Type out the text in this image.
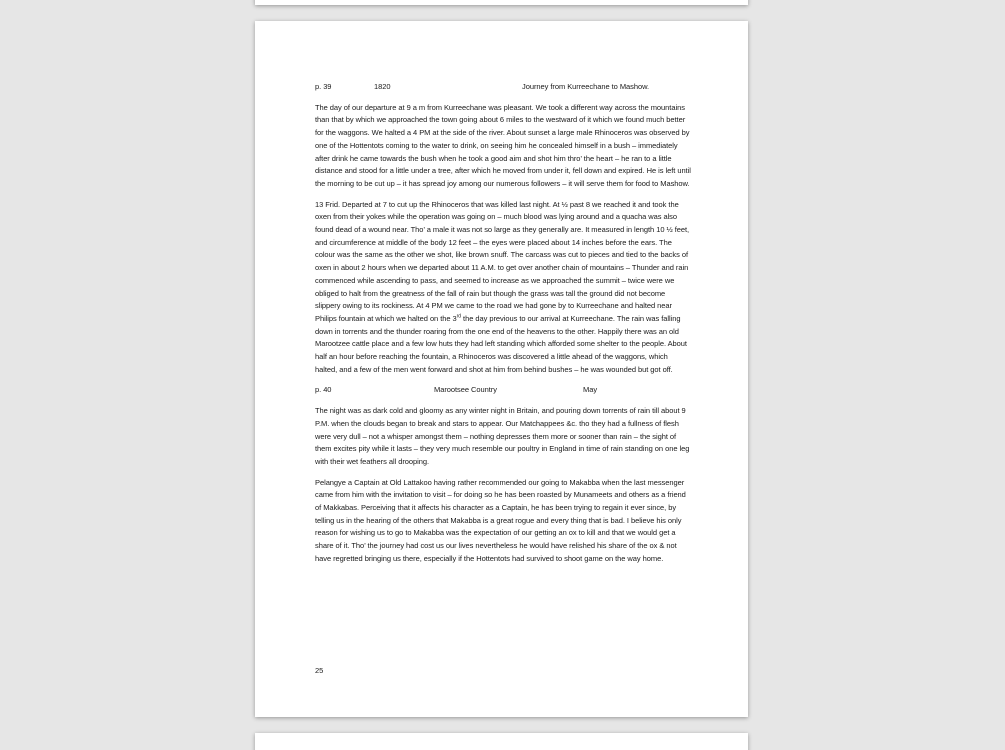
p. 39	1820	Journey from Kurreechane to Mashow.

The day of our departure at 9 a m from Kurreechane was pleasant. We took a different way across the mountains than that by which we approached the town going about 6 miles to the westward of it which we found much better for the waggons. We halted a 4 PM at the side of the river. About sunset a large male Rhinoceros was observed by one of the Hottentots coming to the water to drink, on seeing him he concealed himself in a bush – immediately after drink he came towards the bush when he took a good aim and shot him thro’ the heart – he ran to a little distance and stood for a little under a tree, after which he moved from under it, fell down and expired. He is left until the morning to be cut up – it has spread joy among our numerous followers – it will serve them for food to Mashow.

13 Frid. Departed at 7 to cut up the Rhinoceros that was killed last night. At ½ past 8 we reached it and took the oxen from their yokes while the operation was going on – much blood was lying around and a quacha was also found dead of a wound near. Tho’ a male it was not so large as they generally are. It measured in length 10 ½ feet, and circumference at middle of the body 12 feet – the eyes were placed about 14 inches before the ears. The colour was the same as the other we shot, like brown snuff. The carcass was cut to pieces and tied to the backs of oxen in about 2 hours when we departed about 11 A.M. to get over another chain of mountains – Thunder and rain commenced while ascending to pass, and seemed to increase as we approached the summit – twice were we obliged to halt from the greatness of the fall of rain but though the grass was tall the ground did not become slippery owing to its rockiness. At 4 PM we came to the road we had gone by to Kurreechane and halted near Philips fountain at which we halted on the 3rd the day previous to our arrival at Kurreechane. The rain was falling down in torrents and the thunder roaring from the one end of the heavens to the other. Happily there was an old Marootzee cattle place and a few low huts they had left standing which afforded some shelter to the people. About half an hour before reaching the fountain, a Rhinoceros was discovered a little ahead of the waggons, which halted, and a few of the men went forward and shot at him from behind bushes – he was wounded but got off.

p. 40	Marootsee Country	May

The night was as dark cold and gloomy as any winter night in Britain, and pouring down torrents of rain till about 9 P.M. when the clouds began to break and stars to appear. Our Matchappees &c. tho they had a fullness of flesh were very dull – not a whisper amongst them – nothing depresses them more or sooner than rain – the sight of them excites pity while it lasts – they very much resemble our poultry in England in time of rain standing on one leg with their wet feathers all drooping.

Pelangye a Captain at Old Lattakoo having rather recommended our going to Makabba when the last messenger came from him with the invitation to visit – for doing so he has been roasted by Munameets and others as a friend of Makkabas. Perceiving that it affects his character as a Captain, he has been trying to regain it ever since, by telling us in the hearing of the others that Makabba is a great rogue and every thing that is bad. I believe his only reason for wishing us to go to Makabba was the expectation of our getting an ox to kill and that we would get a share of it. Tho’ the journey had cost us our lives nevertheless he would have relished his share of the ox & not have regretted bringing us there, especially if the Hottentots had survived to shoot game on the way home.

25
